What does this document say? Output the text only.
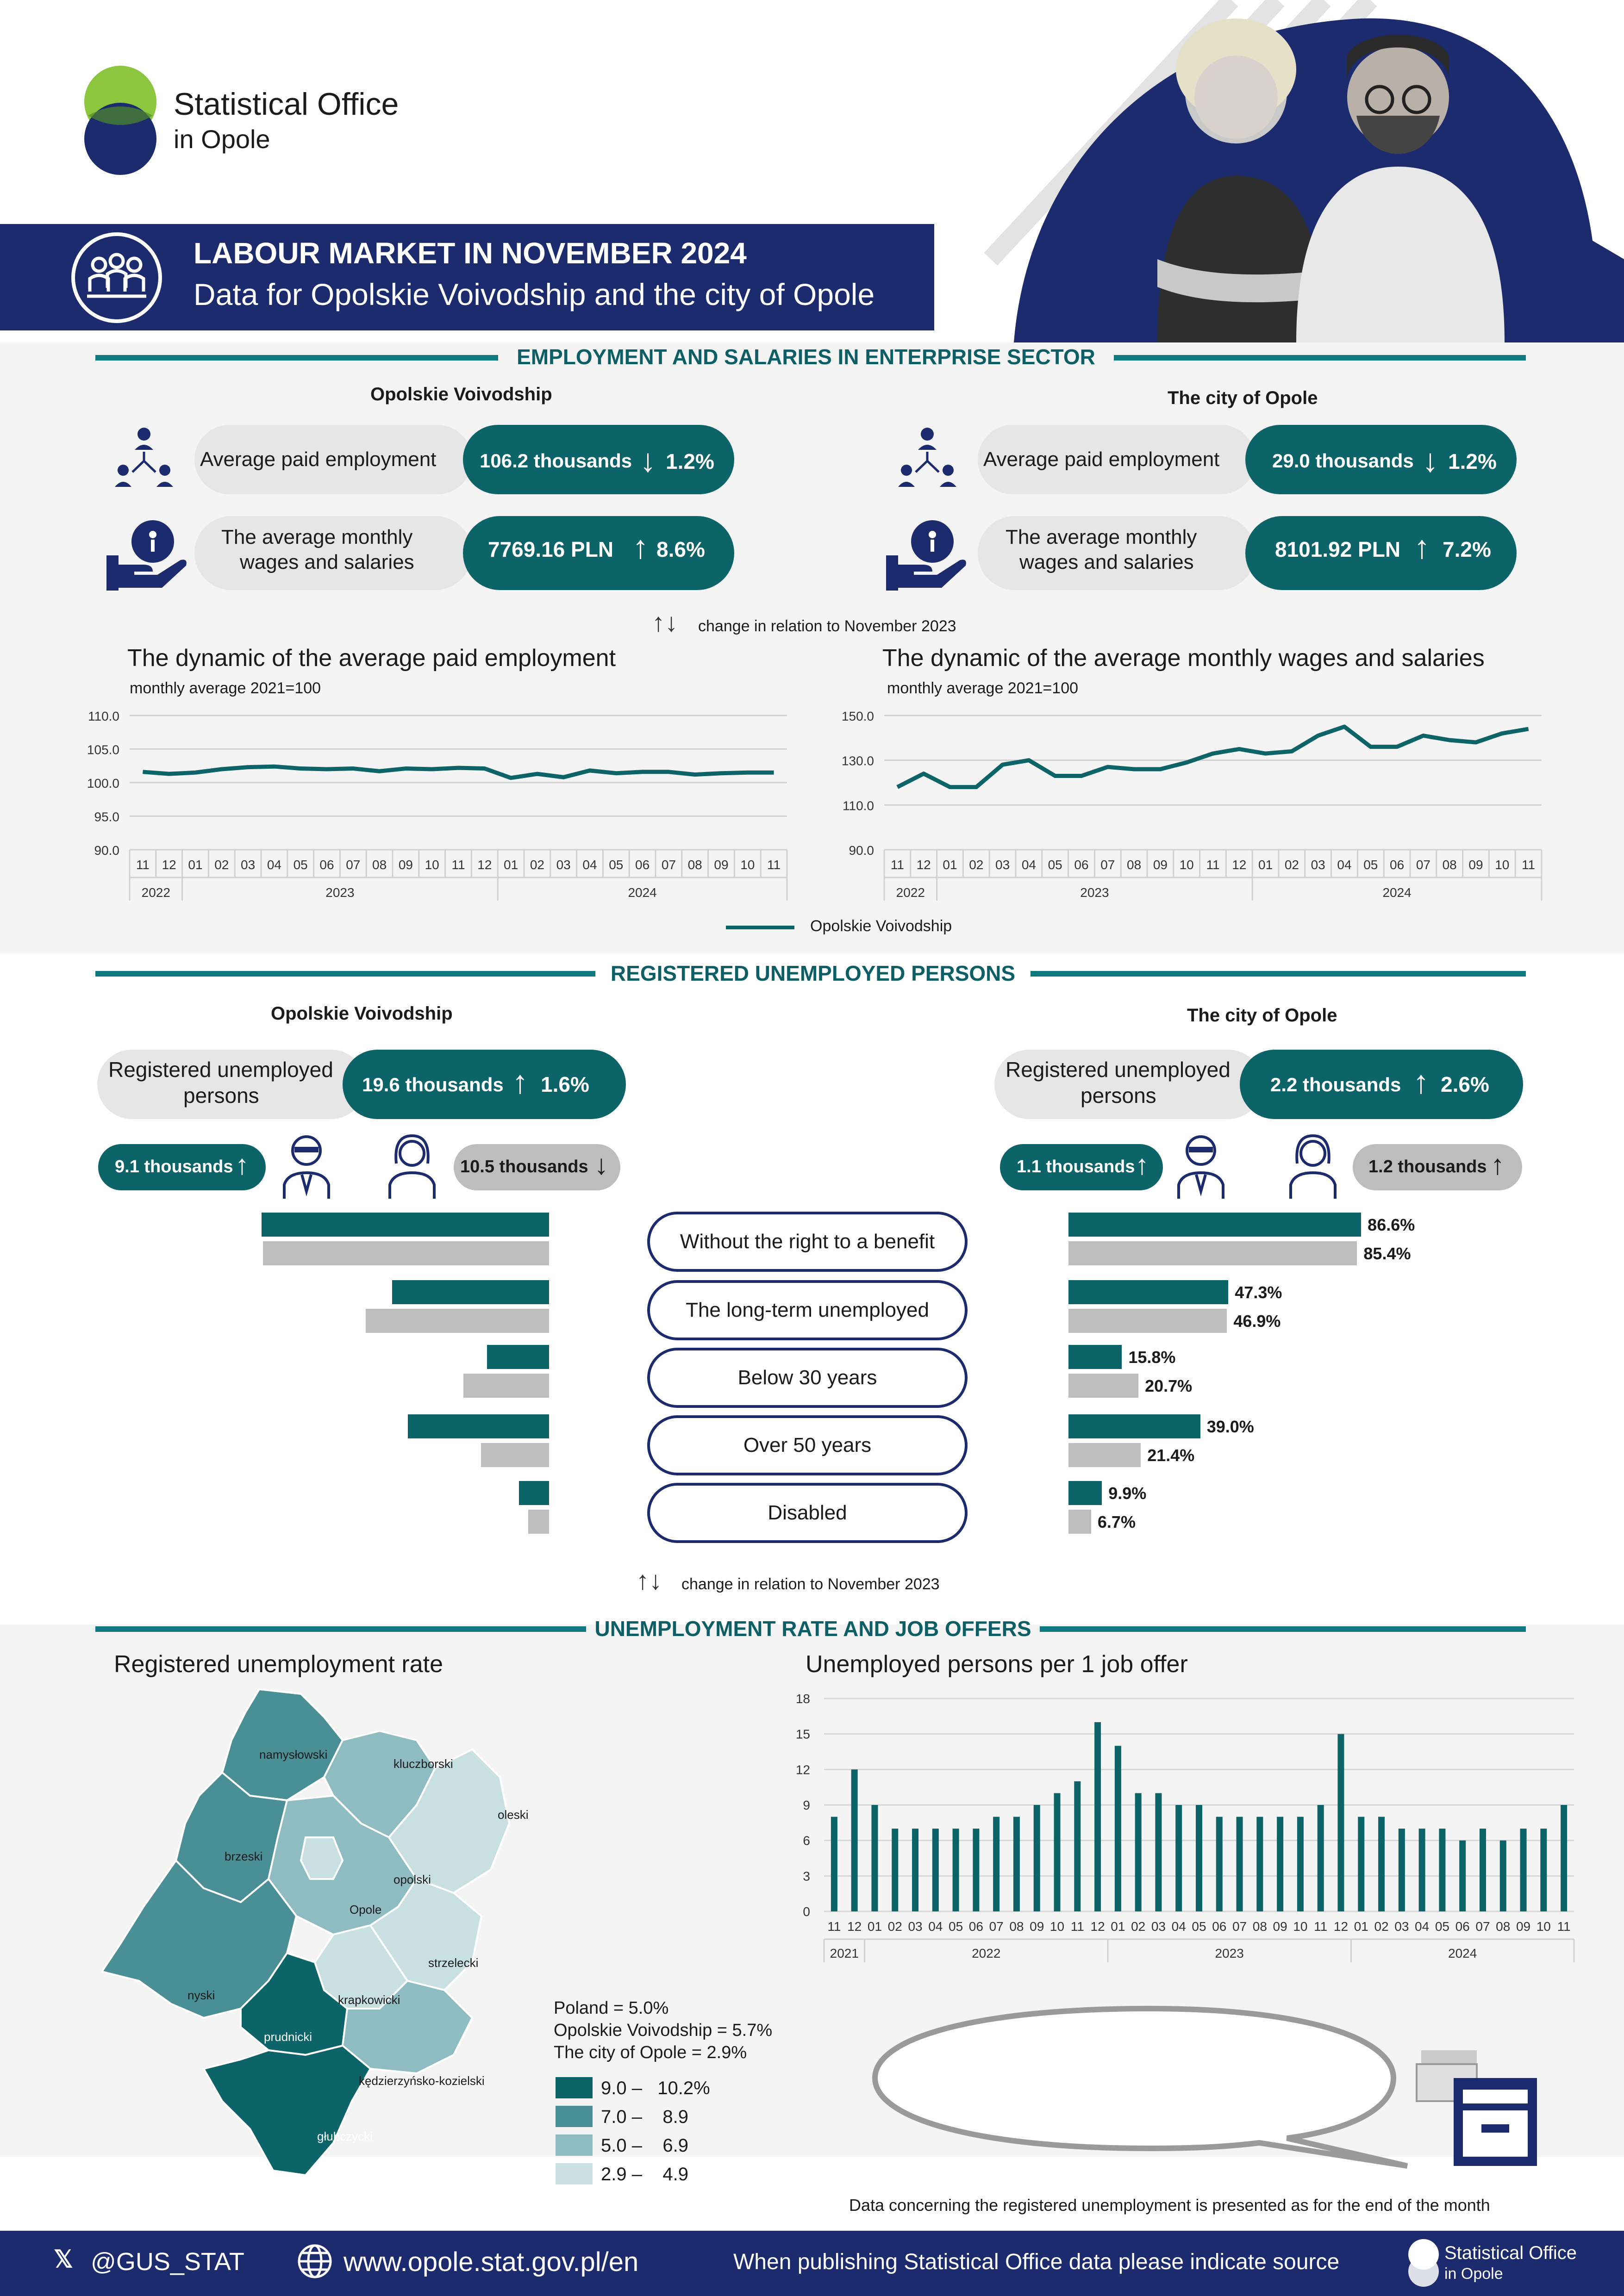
Statistical Office
in Opole
LABOUR MARKET IN NOVEMBER 2024
Data for Opolskie Voivodship and the city of Opole
EMPLOYMENT AND SALARIES IN ENTERPRISE SECTOR
Opolskie Voivodship	The city of Opole
Average paid employment 106.2 thousands ↓ 1.2%
The average monthly
wages and salaries
7769.16 PLN ↑ 8.6%
Average paid employment	29.0 thousands ↓ 1.2%
The average monthly
wages and salaries
8101.92 PLN ↑ 7.2%
↑↓ change in relation to November 2023
The dynamic of the average paid employment
monthly average 2021=100
110.0
105.0
100.0
95.0
90.0
11 12 01 02 03 04 05 06 07 08 09 10 11 12 01 02 03 04 05 06 07 08 09 10 11
2022	2023	2024
The dynamic of the average monthly wages and salaries
monthly average 2021=100
150.0
130.0
110.0
90.0
11 12 01 02 03 04 05 06 07 08 09 10 11 12 01 02 03 04 05 06 07 08 09 10 11
2022	2023	2024
Opolskie Voivodship
REGISTERED UNEMPLOYED PERSONS
Opolskie Voivodship	The city of Opole
Registered unemployed
persons	19.6 thousands ↑ 1.6%
9.1 thousands ↑	10.5 thousands ↓
Registered unemployed
persons	2.2 thousands ↑ 2.6%
1.1 thousands ↑	1.2 thousands ↑
Without the right to a benefit
The long-term unemployed
Below 30 years
Over 50 years
Disabled
86.6%
85.4%
47.3%
46.9%
15.8%
20.7%
39.0%
21.4%
9.9%
6.7%
↑↓ change in relation to November 2023
UNEMPLOYMENT RATE AND JOB OFFERS
Registered unemployment rate
namysłowski
kluczborski
oleski
brzeski
opolski
Opole
nyski
strzelecki
krapkowicki
prudnicki
kędzierzyńsko-kozielski
głubczycki
Poland = 5.0%
Opolskie Voivodship = 5.7%
The city of Opole = 2.9%
9.0 –   10.2%
7.0 –    8.9
5.0 –    6.9
2.9 –    4.9
Unemployed persons per 1 job offer
18
15
12
9
6
3
0
11 12 01 02 03 04 05 06 07 08 09 10 11 12 01 02 03 04 05 06 07 08 09 10 11 12 01 02 03 04 05 06 07 08 09 10 11
2021	2022	2023	2024
Data concerning the registered unemployment is presented as for the end of the month
𝕏 @GUS_STAT	www.opole.stat.gov.pl/en	When publishing Statistical Office data please indicate source	Statistical Office
in Opole
